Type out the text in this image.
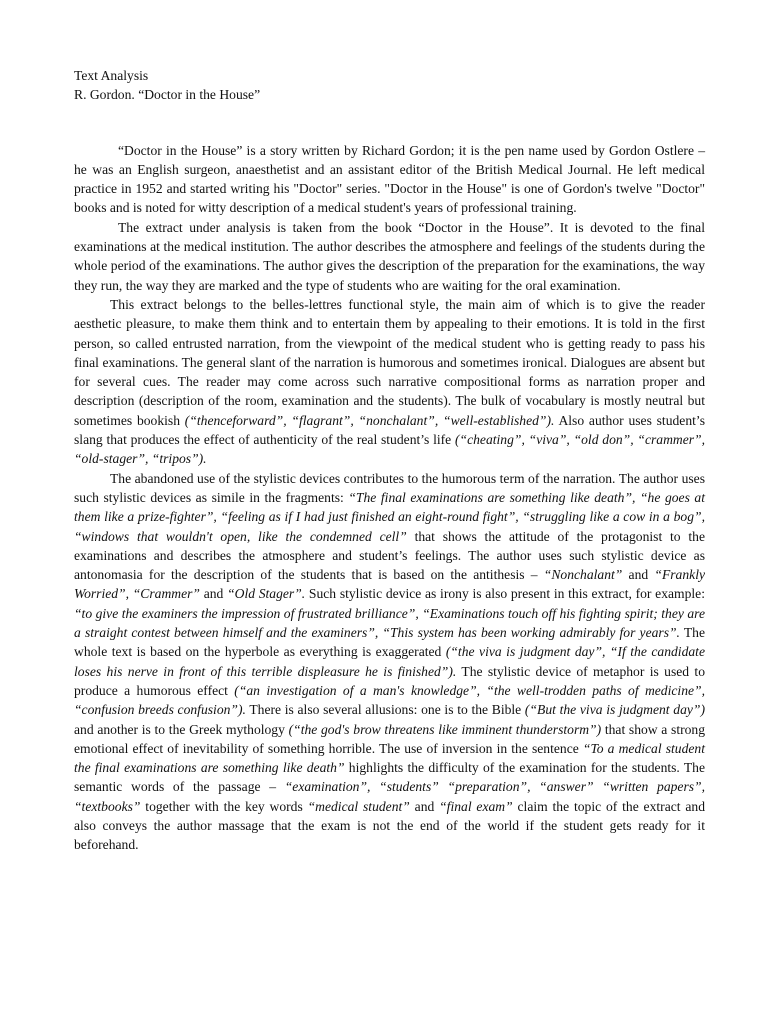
Text Analysis

R. Gordon. “Doctor in the House”

“Doctor in the House” is a story written by Richard Gordon; it is the pen name used by Gordon Ostlere – he was an English surgeon, anaesthetist and an assistant editor of the British Medical Journal. He left medical practice in 1952 and started writing his "Doctor" series. "Doctor in the House" is one of Gordon's twelve "Doctor" books and is noted for witty description of a medical student's years of professional training.

The extract under analysis is taken from the book “Doctor in the House”. It is devoted to the final examinations at the medical institution. The author describes the atmosphere and feelings of the students during the whole period of the examinations. The author gives the description of the preparation for the examinations, the way they run, the way they are marked and the type of students who are waiting for the oral examination.

This extract belongs to the belles-lettres functional style, the main aim of which is to give the reader aesthetic pleasure, to make them think and to entertain them by appealing to their emotions. It is told in the first person, so called entrusted narration, from the viewpoint of the medical student who is getting ready to pass his final examinations. The general slant of the narration is humorous and sometimes ironical. Dialogues are absent but for several cues. The reader may come across such narrative compositional forms as narration proper and description (description of the room, examination and the students). The bulk of vocabulary is mostly neutral but sometimes bookish (“thenceforward”, “flagrant”, “nonchalant”, “well-established”). Also author uses student’s slang that produces the effect of authenticity of the real student’s life (“cheating”, “viva”, “old don”, “crammer”, “old-stager”, “tripos”).

The abandoned use of the stylistic devices contributes to the humorous term of the narration. The author uses such stylistic devices as simile in the fragments: “The final examinations are something like death”, “he goes at them like a prize-fighter”, “feeling as if I had just finished an eight-round fight”, “struggling like a cow in a bog”, “windows that wouldn't open, like the condemned cell” that shows the attitude of the protagonist to the examinations and describes the atmosphere and student’s feelings. The author uses such stylistic device as antonomasia for the description of the students that is based on the antithesis – “Nonchalant” and “Frankly Worried”, “Crammer” and “Old Stager”. Such stylistic device as irony is also present in this extract, for example: “to give the examiners the impression of frustrated brilliance”, “Examinations touch off his fighting spirit; they are a straight contest between himself and the examiners”, “This system has been working admirably for years”. The whole text is based on the hyperbole as everything is exaggerated (“the viva is judgment day”, “If the candidate loses his nerve in front of this terrible displeasure he is finished”). The stylistic device of metaphor is used to produce a humorous effect (“an investigation of a man's knowledge”, “the well-trodden paths of medicine”, “confusion breeds confusion”). There is also several allusions: one is to the Bible (“But the viva is judgment day”) and another is to the Greek mythology (“the god's brow threatens like imminent thunderstorm”) that show a strong emotional effect of inevitability of something horrible. The use of inversion in the sentence “To a medical student the final examinations are something like death” highlights the difficulty of the examination for the students. The semantic words of the passage – “examination”, “students” “preparation”, “answer” “written papers”, “textbooks” together with the key words “medical student” and “final exam” claim the topic of the extract and also conveys the author massage that the exam is not the end of the world if the student gets ready for it beforehand.
